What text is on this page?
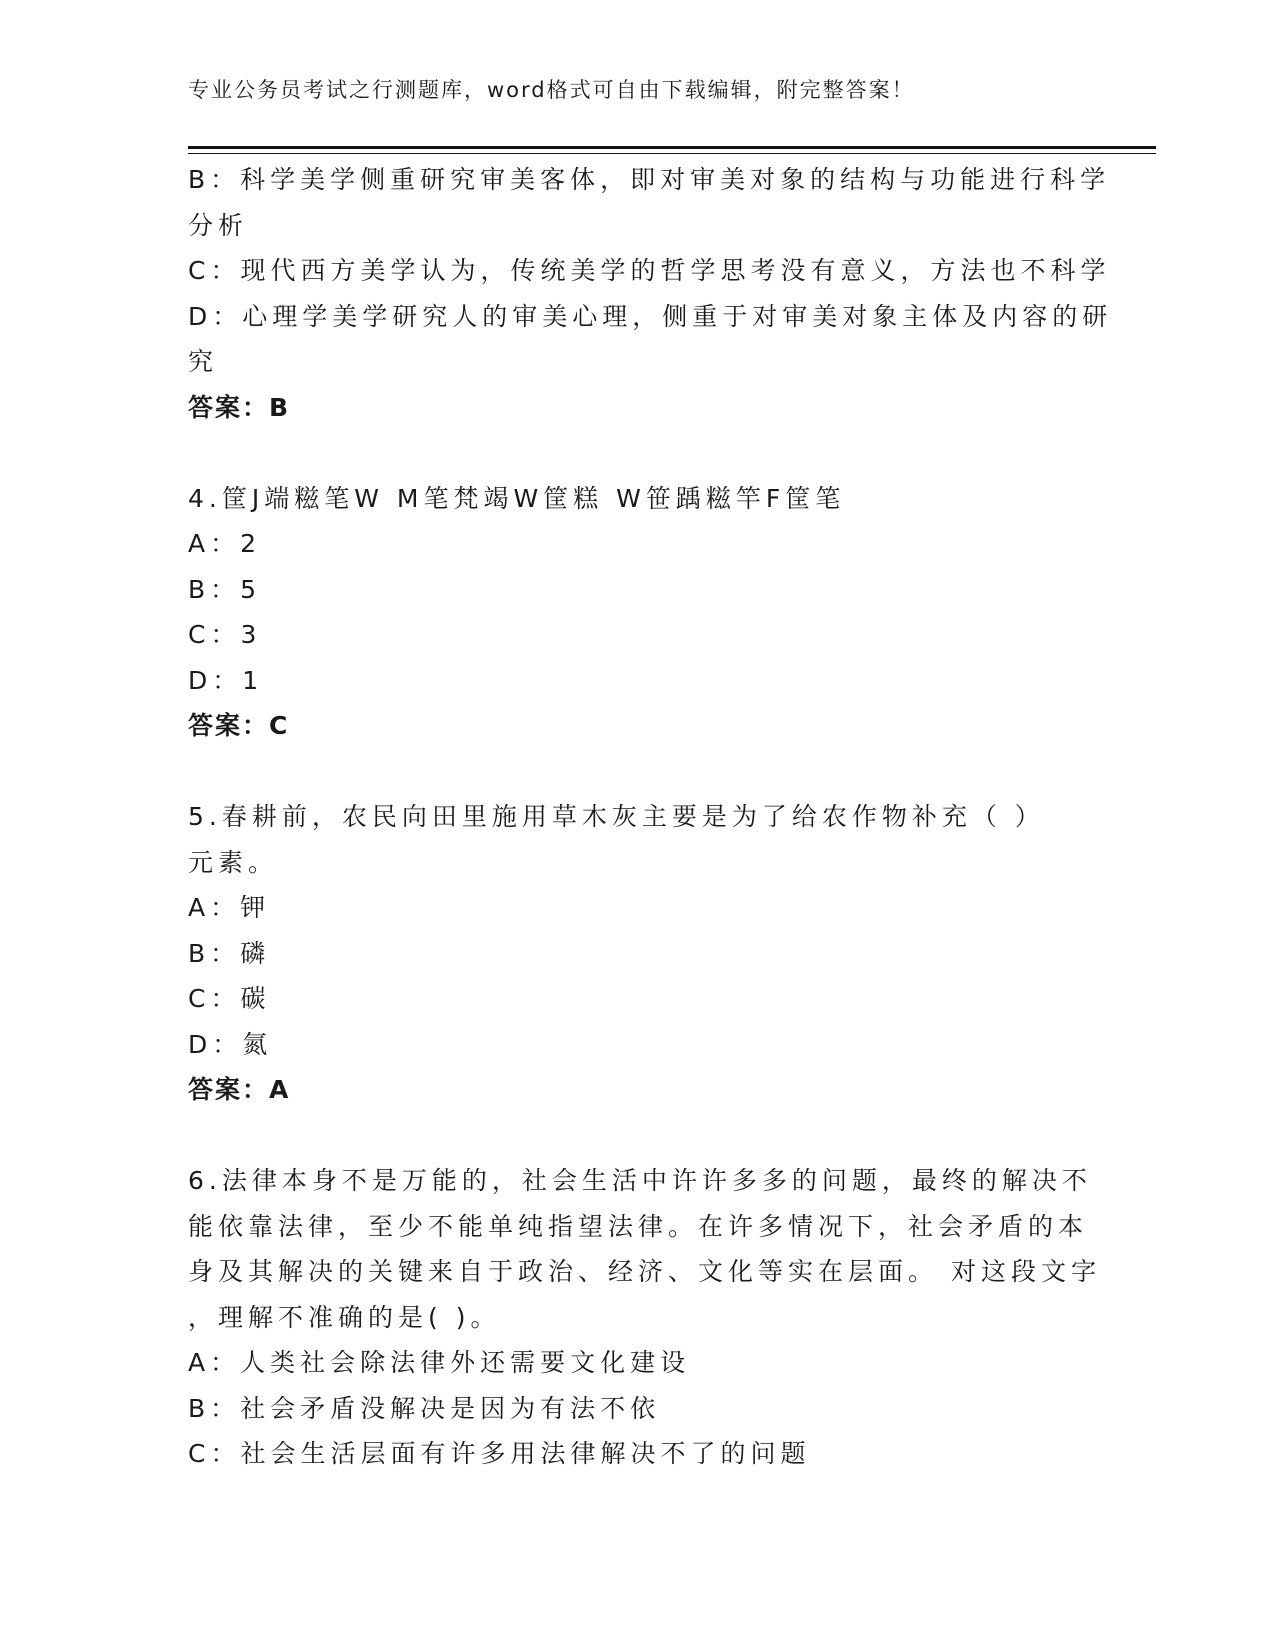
专业公务员考试之行测题库，word格式可自由下载编辑，附完整答案！
B：科学美学侧重研究审美客体，即对审美对象的结构与功能进行科学
分析
C：现代西方美学认为，传统美学的哲学思考没有意义，方法也不科学
D：心理学美学研究人的审美心理，侧重于对审美对象主体及内容的研
究
答案：B
4.筐J端糍笔W M笔梵竭W筐糕 W笹踽糍竿F筐笔
A：2
B：5
C：3
D：1
答案：C
5.春耕前，农民向田里施用草木灰主要是为了给农作物补充（ ）
元素。
A：钾
B：磷
C：碳
D：氮
答案：A
6.法律本身不是万能的，社会生活中许许多多的问题，最终的解决不
能依靠法律，至少不能单纯指望法律。在许多情况下，社会矛盾的本
身及其解决的关键来自于政治、经济、文化等实在层面。 对这段文字
，理解不准确的是( )。
A：人类社会除法律外还需要文化建设
B：社会矛盾没解决是因为有法不依
C：社会生活层面有许多用法律解决不了的问题
